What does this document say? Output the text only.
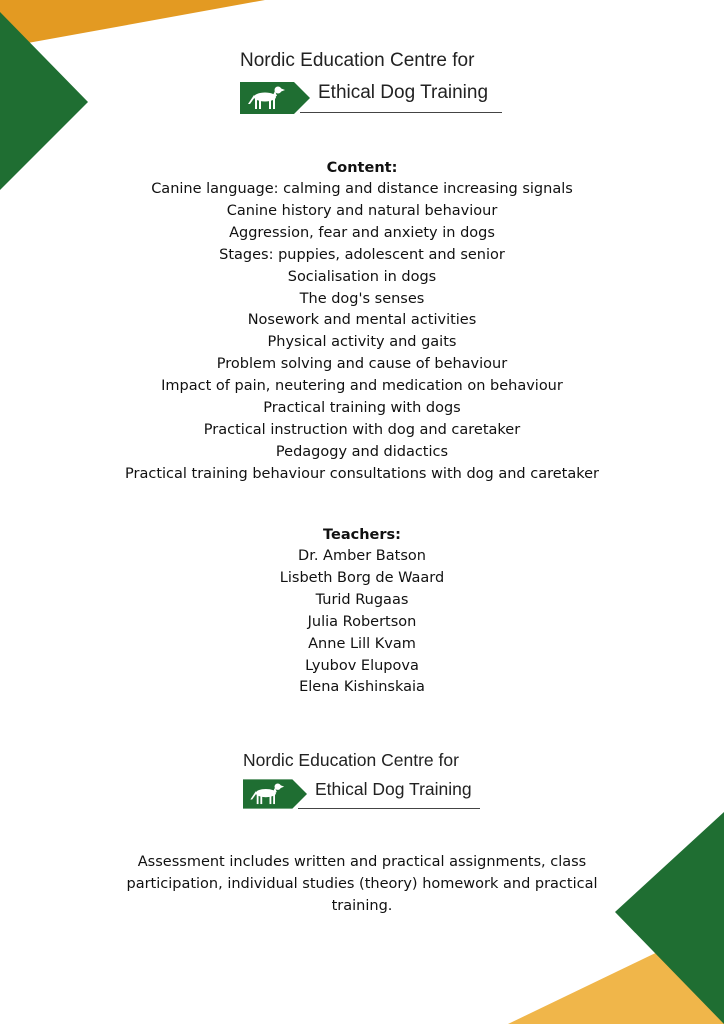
Nordic Education Centre for
Ethical Dog Training
Content:
Canine language: calming and distance increasing signals
Canine history and natural behaviour
Aggression, fear and anxiety in dogs
Stages: puppies, adolescent and senior
Socialisation in dogs
The dog's senses
Nosework and mental activities
Physical activity and gaits
Problem solving and cause of behaviour
Impact of pain, neutering and medication on behaviour
Practical training with dogs
Practical instruction with dog and caretaker
Pedagogy and didactics
Practical training behaviour consultations with dog and caretaker
Teachers:
Dr. Amber Batson
Lisbeth Borg de Waard
Turid Rugaas
Julia Robertson
Anne Lill Kvam
Lyubov Elupova
Elena Kishinskaia
Nordic Education Centre for
Ethical Dog Training

Assessment includes written and practical assignments, class participation, individual studies (theory) homework and practical training.
